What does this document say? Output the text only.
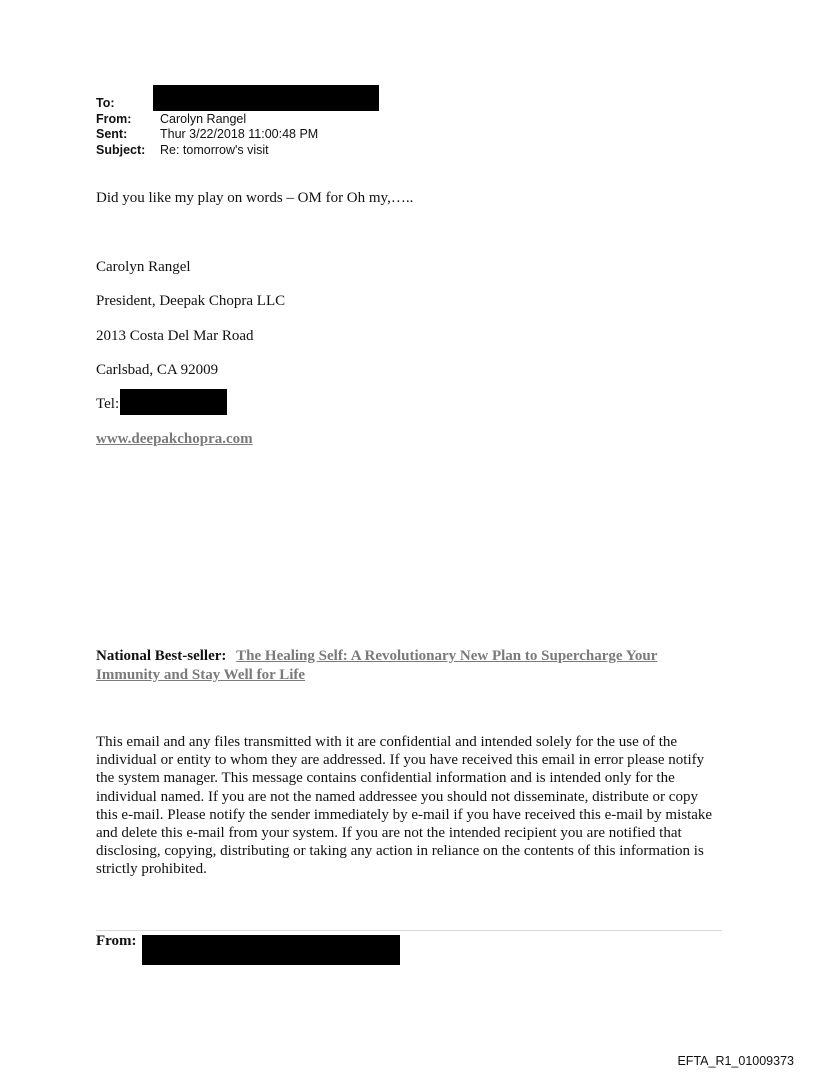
To:
From:	Carolyn Rangel
Sent:	Thur 3/22/2018 11:00:48 PM
Subject:	Re: tomorrow's visit
Did you like my play on words – OM for Oh my,…..
Carolyn Rangel
President, Deepak Chopra LLC
2013 Costa Del Mar Road
Carlsbad, CA 92009
Tel:
www.deepakchopra.com
National Best-seller: The Healing Self: A Revolutionary New Plan to Supercharge Your
Immunity and Stay Well for Life
This email and any files transmitted with it are confidential and intended solely for the use of the individual or entity to whom they are addressed. If you have received this email in error please notify the system manager. This message contains confidential information and is intended only for the individual named. If you are not the named addressee you should not disseminate, distribute or copy this e-mail. Please notify the sender immediately by e-mail if you have received this e-mail by mistake and delete this e-mail from your system. If you are not the intended recipient you are notified that disclosing, copying, distributing or taking any action in reliance on the contents of this information is strictly prohibited.
From:
EFTA_R1_01009373
